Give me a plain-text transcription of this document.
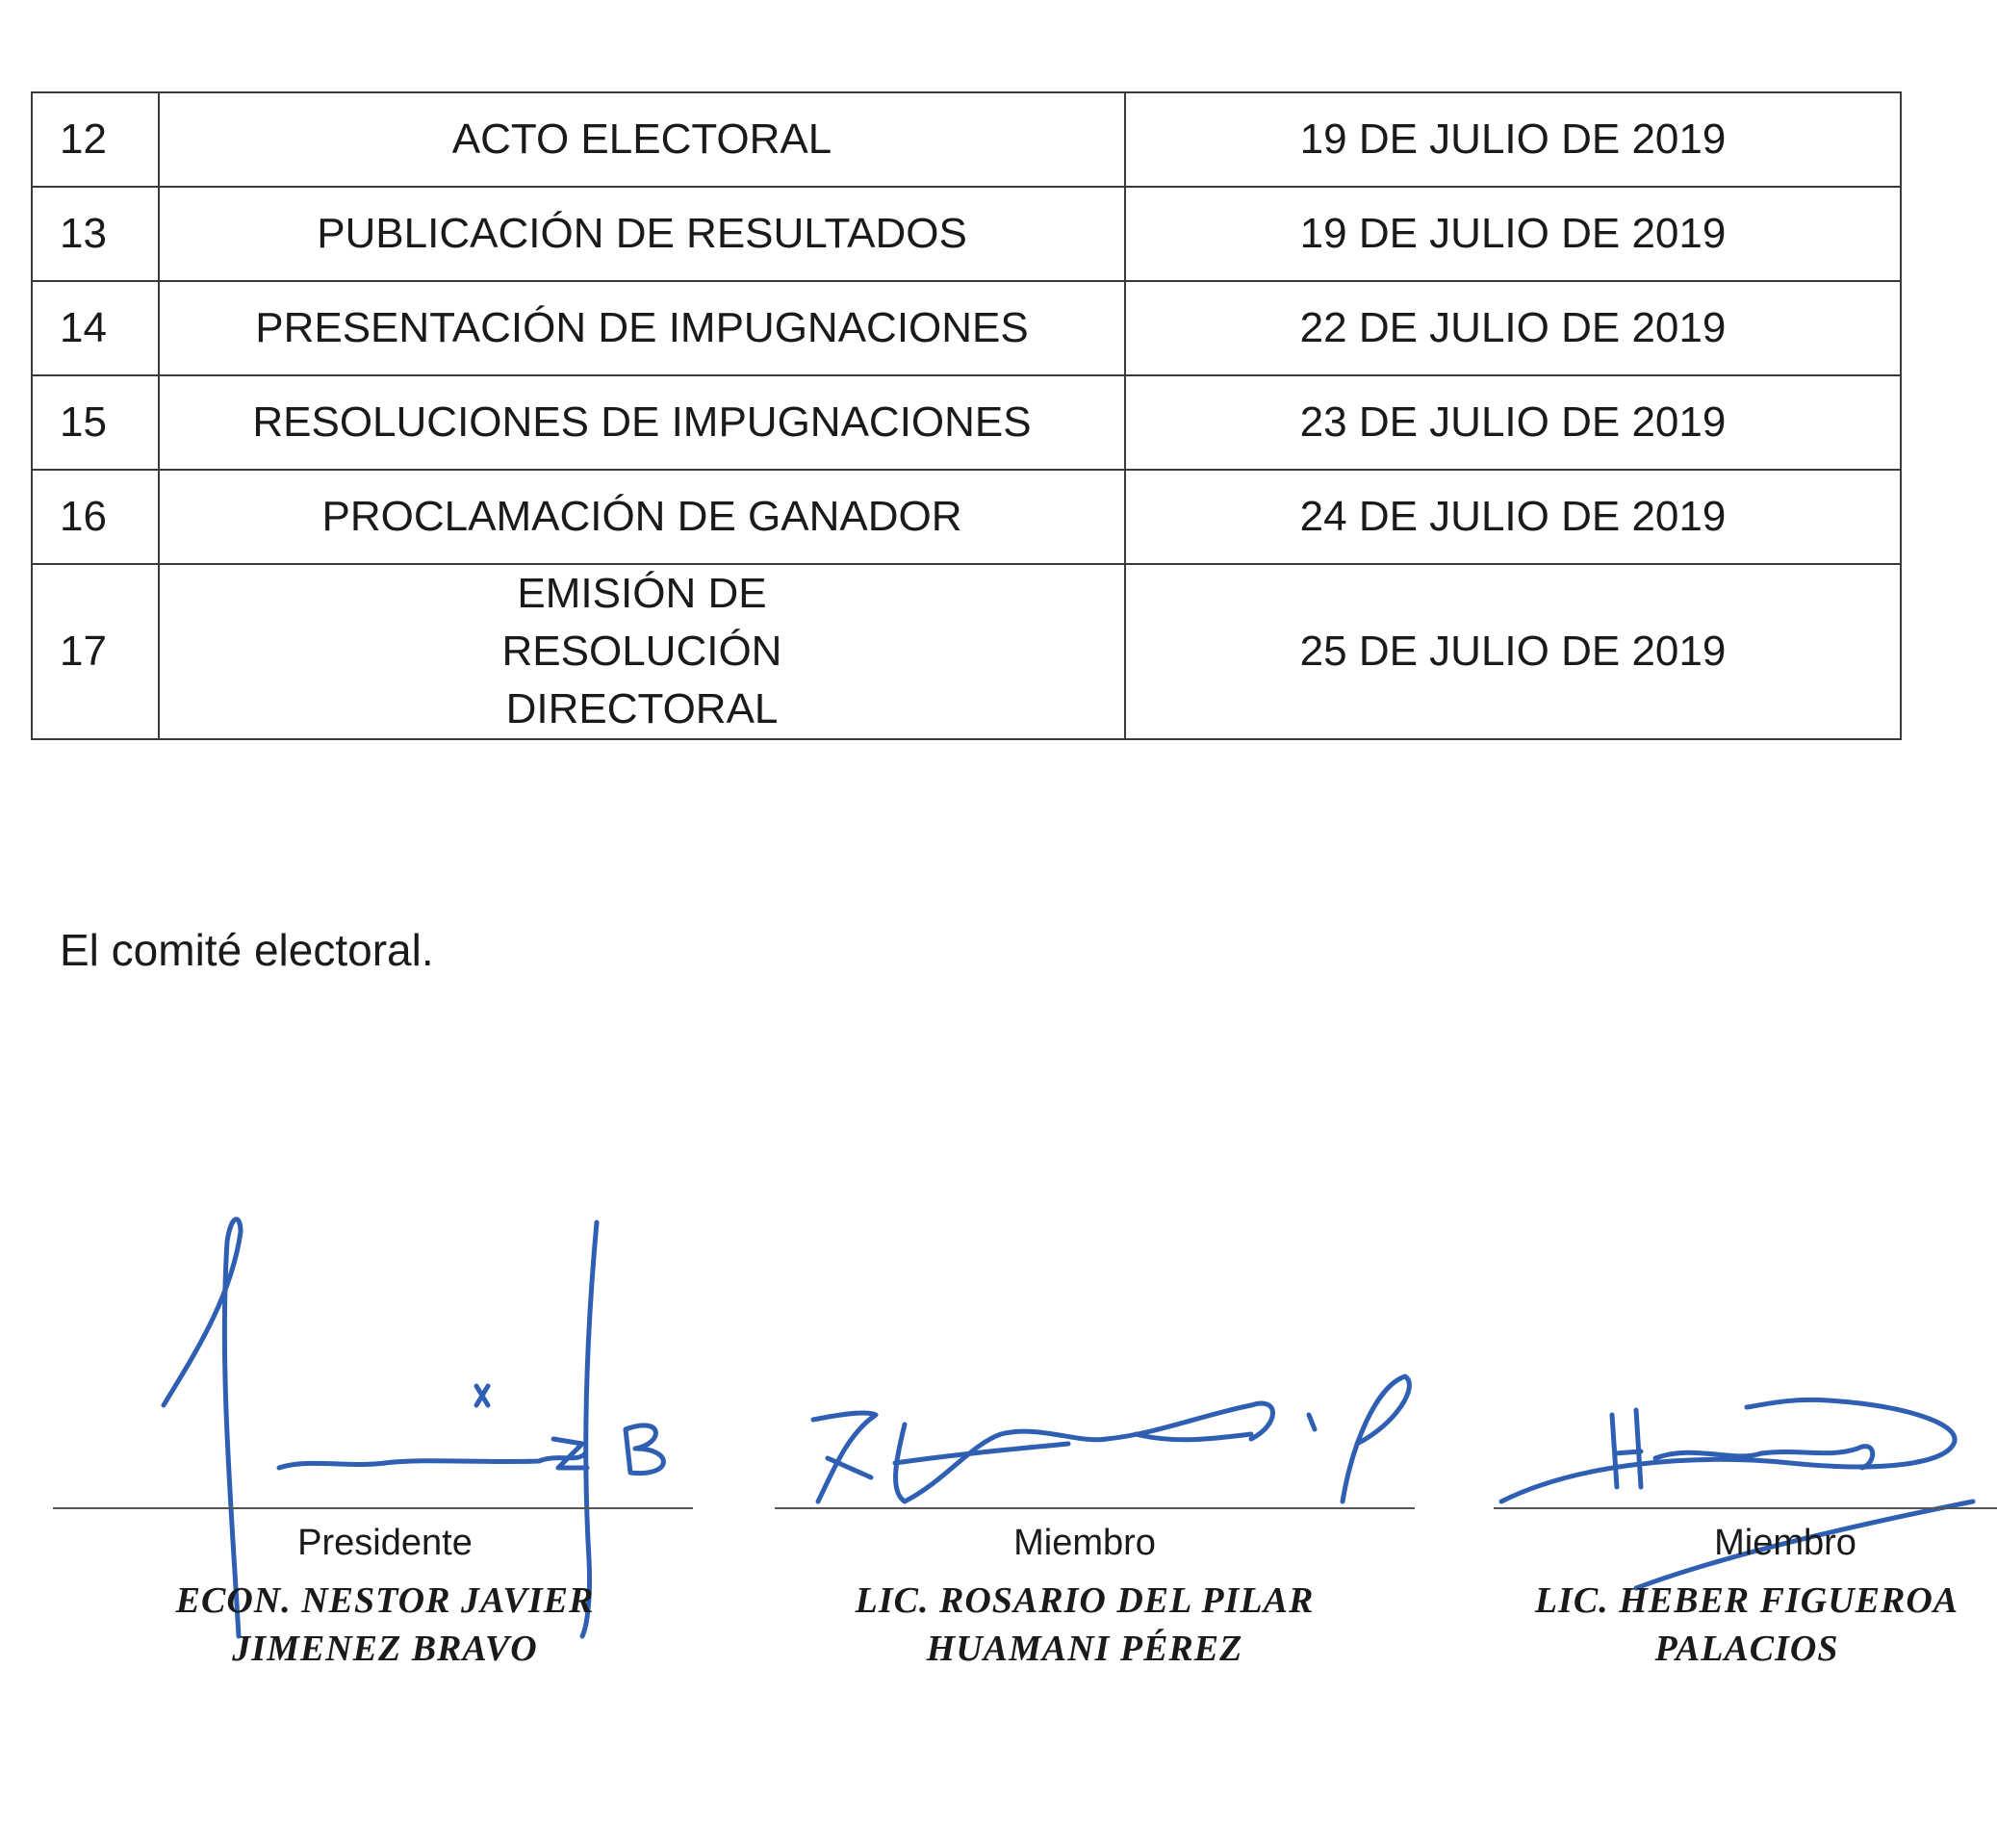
12	ACTO ELECTORAL	19 DE JULIO DE 2019
13	PUBLICACIÓN DE RESULTADOS	19 DE JULIO DE 2019
14	PRESENTACIÓN DE IMPUGNACIONES	22 DE JULIO DE 2019
15	RESOLUCIONES DE IMPUGNACIONES	23 DE JULIO DE 2019
16	PROCLAMACIÓN DE GANADOR	24 DE JULIO DE 2019
17	EMISIÓN DE RESOLUCIÓN DIRECTORAL	25 DE JULIO DE 2019
El comité electoral.
Presidente
ECON. NESTOR JAVIER
JIMENEZ BRAVO
Miembro
LIC. ROSARIO DEL PILAR
HUAMANI PÉREZ
Miembro
LIC. HEBER FIGUEROA
PALACIOS
